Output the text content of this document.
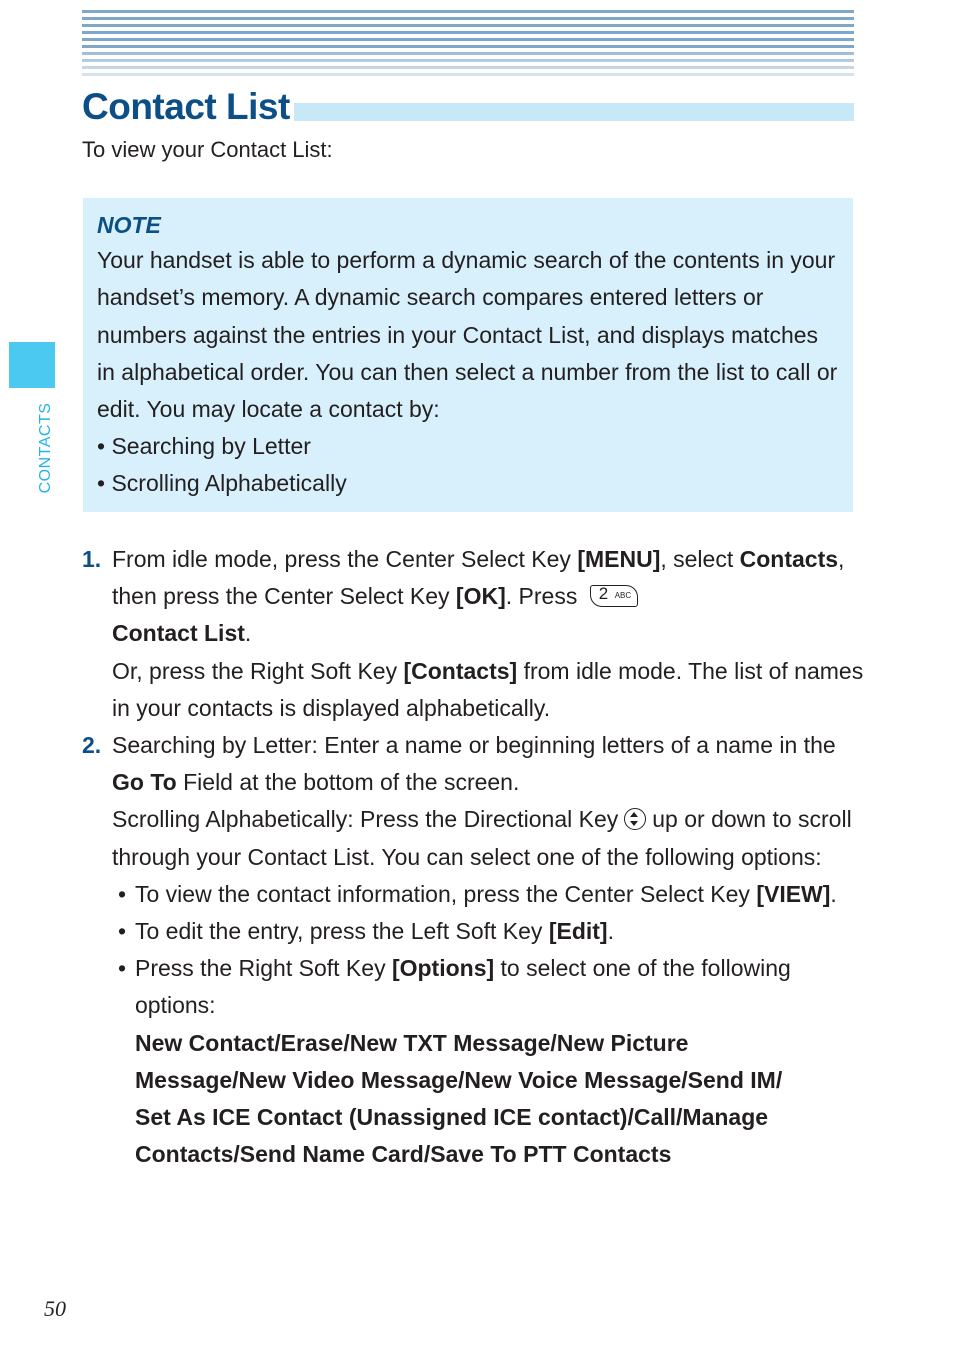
Contact List
To view your Contact List:
NOTE
Your handset is able to perform a dynamic search of the contents in your handset’s memory. A dynamic search compares entered letters or numbers against the entries in your Contact List, and displays matches in alphabetical order. You can then select a number from the list to call or edit. You may locate a contact by:
• Searching by Letter
• Scrolling Alphabetically
CONTACTS
1. From idle mode, press the Center Select Key [MENU], select Contacts, then press the Center Select Key [OK]. Press 2 ABC

Contact List.

Or, press the Right Soft Key [Contacts] from idle mode. The list of names in your contacts is displayed alphabetically.

2. Searching by Letter: Enter a name or beginning letters of a name in the Go To Field at the bottom of the screen.

Scrolling Alphabetically: Press the Directional Key up or down to scroll through your Contact List. You can select one of the following options:

• To view the contact information, press the Center Select Key [VIEW].
• To edit the entry, press the Left Soft Key [Edit].
• Press the Right Soft Key [Options] to select one of the following options:
New Contact/Erase/New TXT Message/New Picture
Message/New Video Message/New Voice Message/Send IM/
Set As ICE Contact (Unassigned ICE contact)/Call/Manage
Contacts/Send Name Card/Save To PTT Contacts
50
